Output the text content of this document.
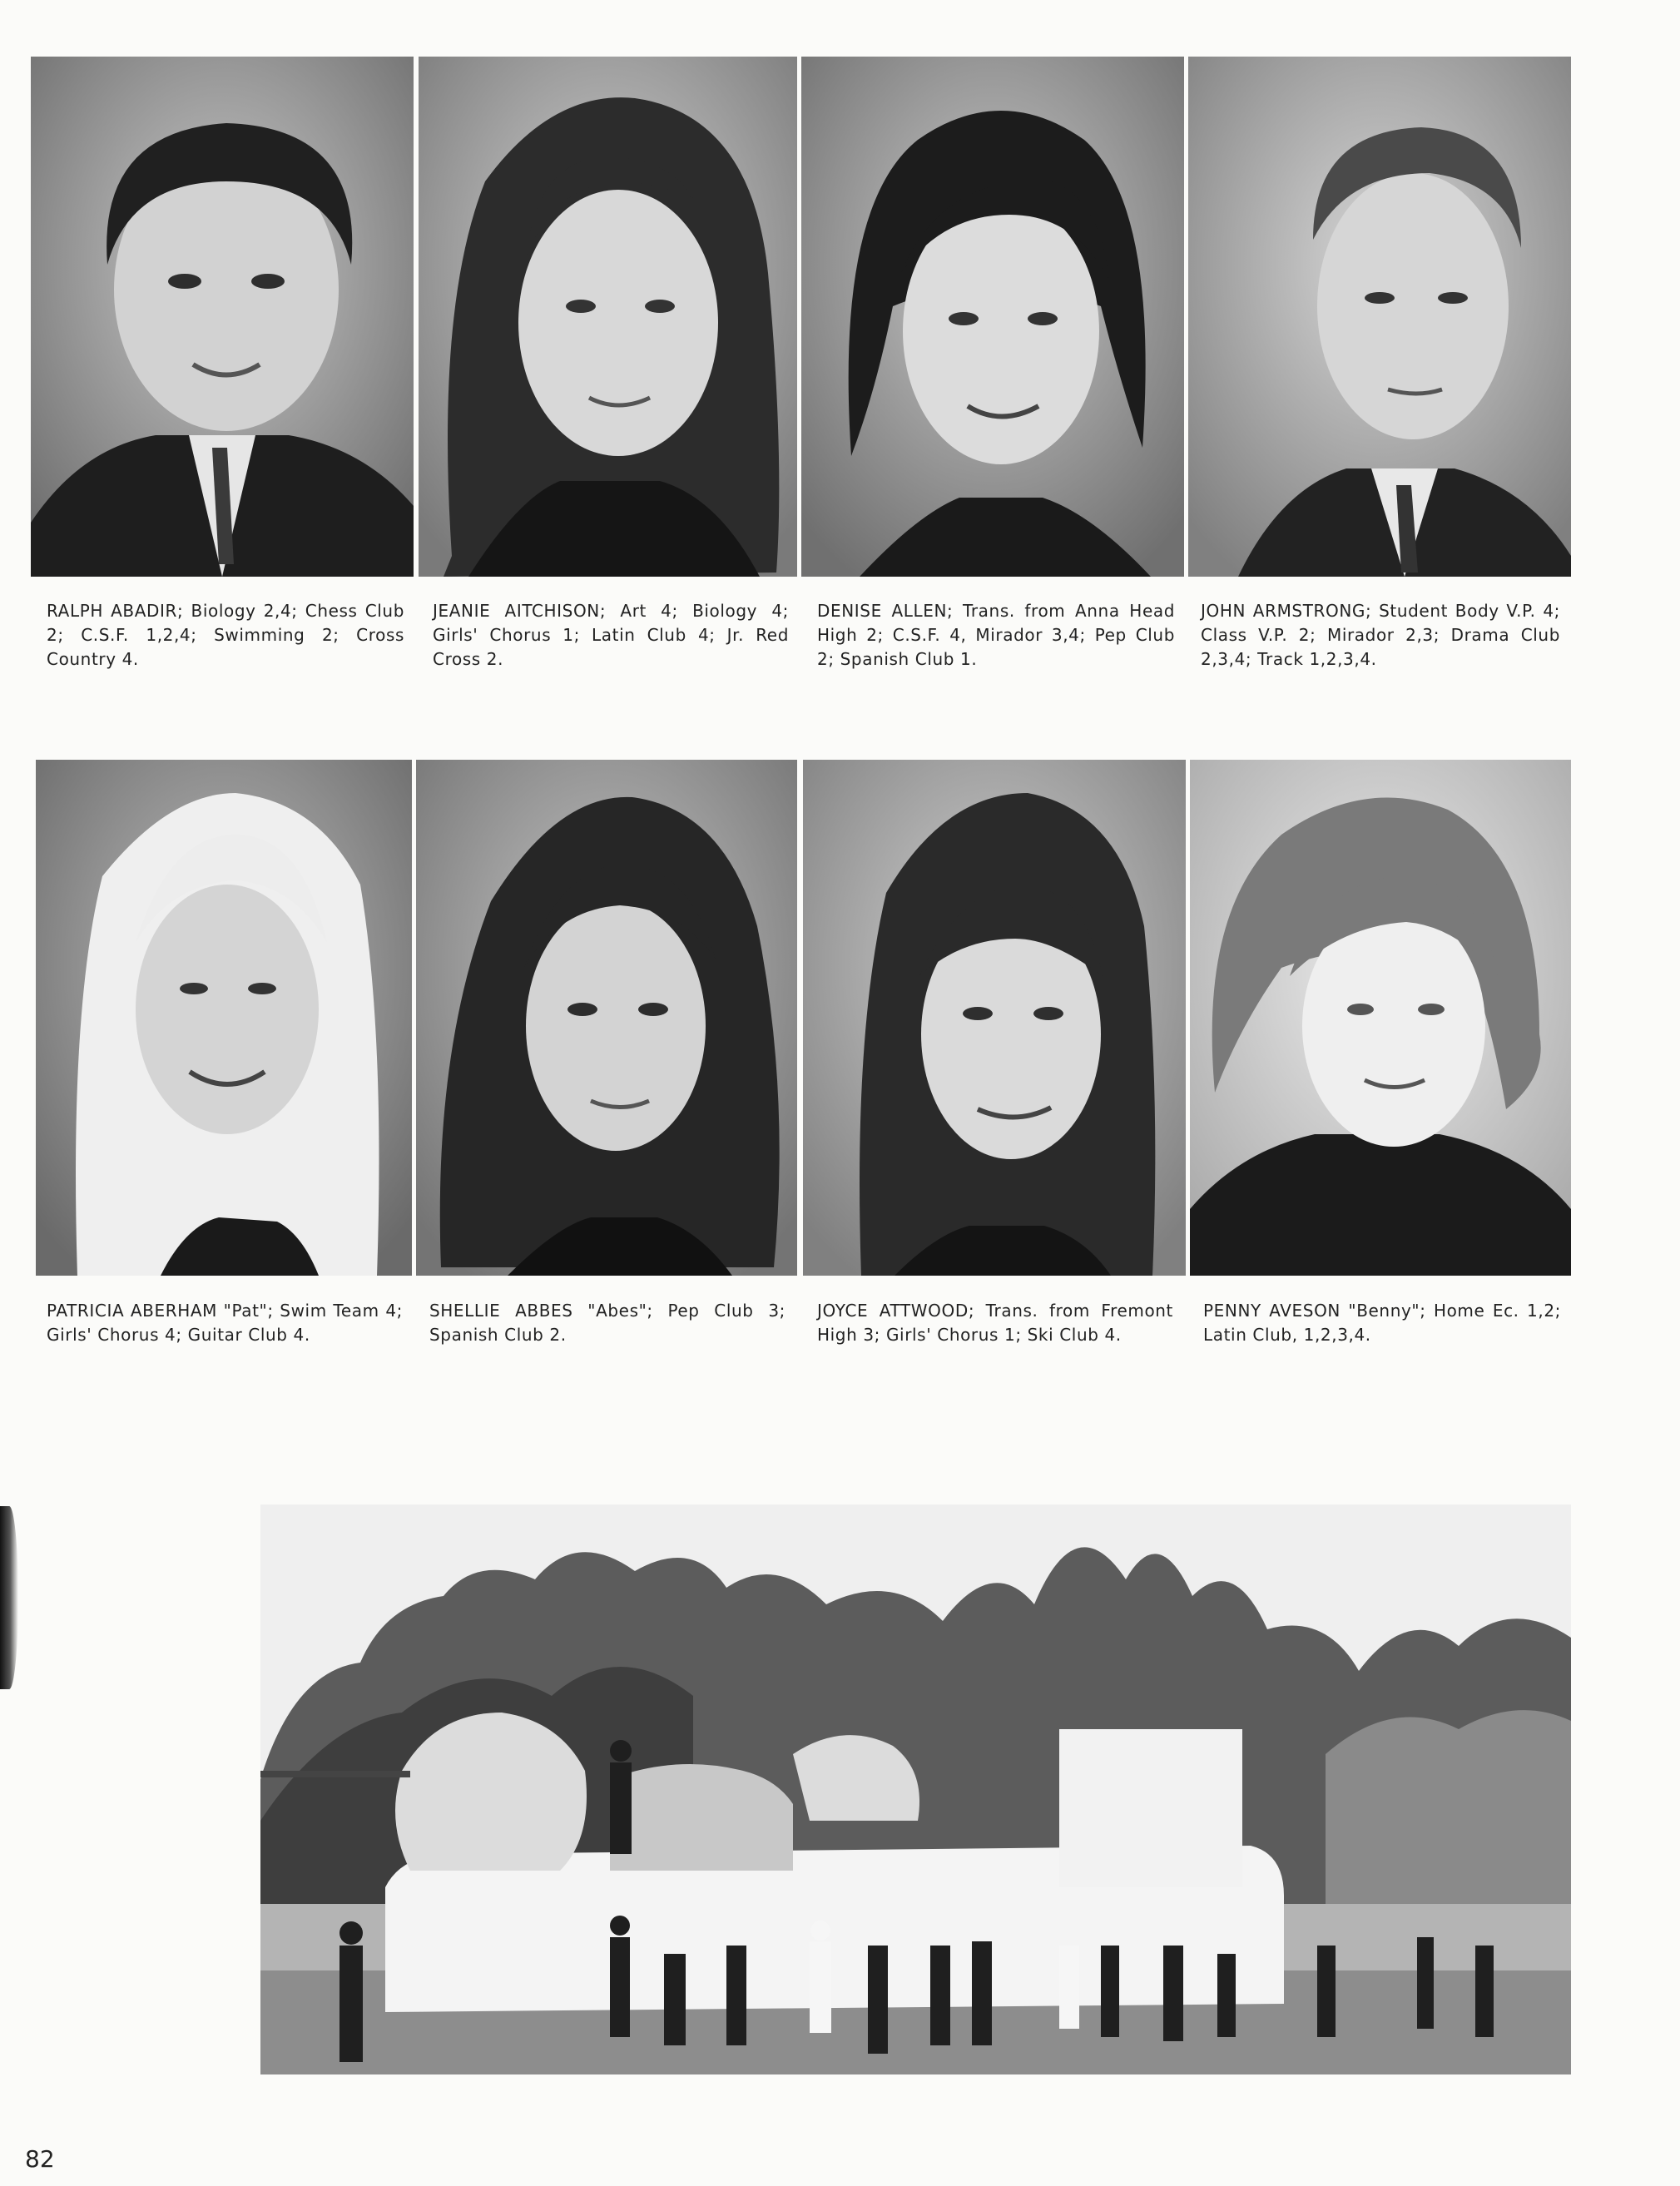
RALPH ABADIR; Biology 2,4; Chess Club 2; C.S.F. 1,2,4; Swimming 2; Cross Country 4.
JEANIE AITCHISON; Art 4; Biology 4; Girls' Chorus 1; Latin Club 4; Jr. Red Cross 2.
DENISE ALLEN; Trans. from Anna Head High 2; C.S.F. 4, Mirador 3,4; Pep Club 2; Spanish Club 1.
JOHN ARMSTRONG; Student Body V.P. 4; Class V.P. 2; Mirador 2,3; Drama Club 2,3,4; Track 1,2,3,4.
PATRICIA ABERHAM "Pat"; Swim Team 4; Girls' Chorus 4; Guitar Club 4.
SHELLIE ABBES "Abes"; Pep Club 3; Spanish Club 2.
JOYCE ATTWOOD; Trans. from Fremont High 3; Girls' Chorus 1; Ski Club 4.
PENNY AVESON "Benny"; Home Ec. 1,2; Latin Club, 1,2,3,4.
82
